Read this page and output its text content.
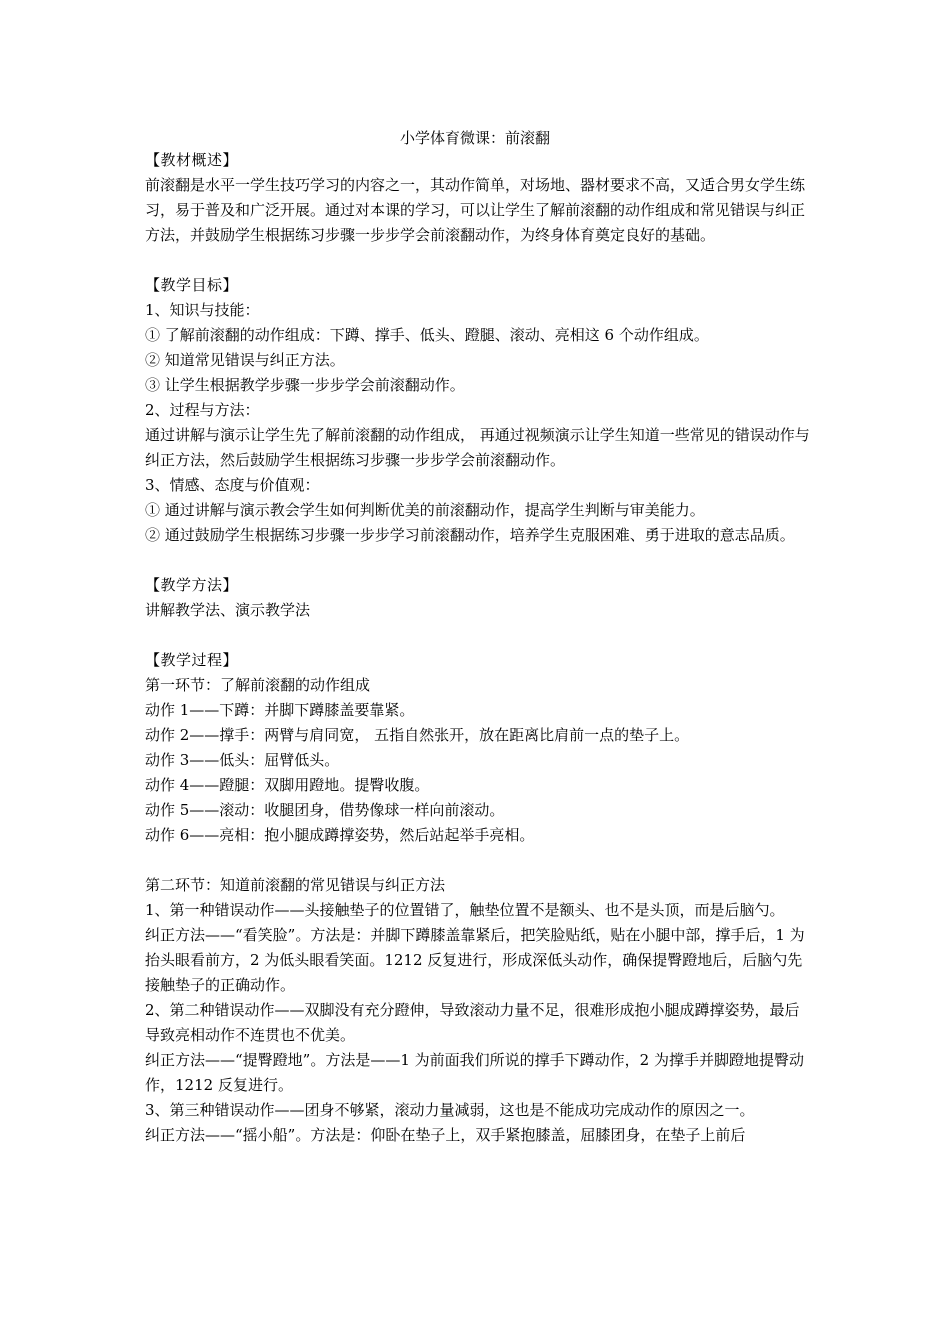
小学体育微课：前滚翻

【教材概述】

前滚翻是水平一学生技巧学习的内容之一，其动作简单，对场地、器材要求不高，又适合男女学生练习，易于普及和广泛开展。通过对本课的学习，可以让学生了解前滚翻的动作组成和常见错误与纠正方法，并鼓励学生根据练习步骤一步步学会前滚翻动作，为终身体育奠定良好的基础。

【教学目标】

1、知识与技能：

① 了解前滚翻的动作组成：下蹲、撑手、低头、蹬腿、滚动、亮相这 6 个动作组成。

② 知道常见错误与纠正方法。

③ 让学生根据教学步骤一步步学会前滚翻动作。

2、过程与方法：

通过讲解与演示让学生先了解前滚翻的动作组成， 再通过视频演示让学生知道一些常见的错误动作与纠正方法，然后鼓励学生根据练习步骤一步步学会前滚翻动作。

3、情感、态度与价值观：

① 通过讲解与演示教会学生如何判断优美的前滚翻动作，提高学生判断与审美能力。

② 通过鼓励学生根据练习步骤一步步学习前滚翻动作，培养学生克服困难、勇于进取的意志品质。

【教学方法】

讲解教学法、演示教学法

【教学过程】

第一环节：了解前滚翻的动作组成

动作 1——下蹲：并脚下蹲膝盖要靠紧。

动作 2——撑手：两臂与肩同宽， 五指自然张开，放在距离比肩前一点的垫子上。

动作 3——低头：屈臂低头。

动作 4——蹬腿：双脚用蹬地。提臀收腹。

动作 5——滚动：收腿团身，借势像球一样向前滚动。

动作 6——亮相：抱小腿成蹲撑姿势，然后站起举手亮相。

第二环节：知道前滚翻的常见错误与纠正方法

1、第一种错误动作——头接触垫子的位置错了，触垫位置不是额头、也不是头顶，而是后脑勺。

纠正方法——“看笑脸”。方法是：并脚下蹲膝盖靠紧后，把笑脸贴纸，贴在小腿中部，撑手后，1 为抬头眼看前方，2 为低头眼看笑面。1212 反复进行，形成深低头动作，确保提臀蹬地后，后脑勺先接触垫子的正确动作。

2、第二种错误动作——双脚没有充分蹬伸，导致滚动力量不足，很难形成抱小腿成蹲撑姿势，最后导致亮相动作不连贯也不优美。

纠正方法——“提臀蹬地”。方法是——1 为前面我们所说的撑手下蹲动作，2 为撑手并脚蹬地提臀动作，1212 反复进行。

3、第三种错误动作——团身不够紧，滚动力量减弱，这也是不能成功完成动作的原因之一。

纠正方法——“摇小船”。方法是：仰卧在垫子上，双手紧抱膝盖，屈膝团身，在垫子上前后
